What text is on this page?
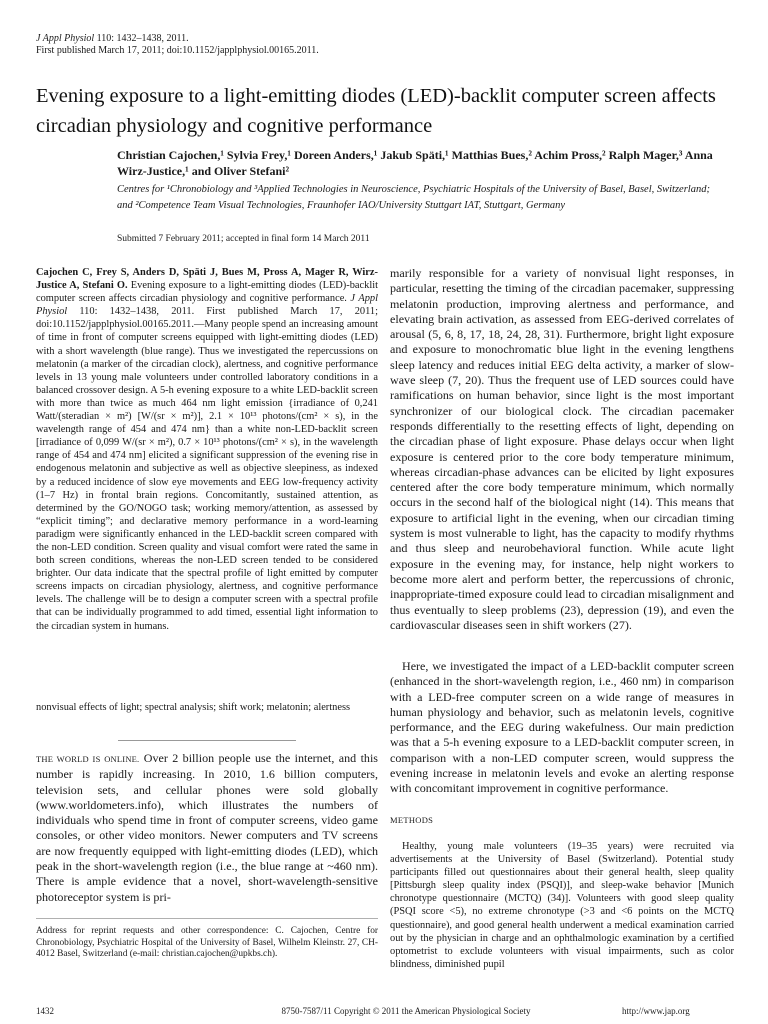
J Appl Physiol 110: 1432–1438, 2011.
First published March 17, 2011; doi:10.1152/japplphysiol.00165.2011.
Evening exposure to a light-emitting diodes (LED)-backlit computer screen affects circadian physiology and cognitive performance
Christian Cajochen,¹ Sylvia Frey,¹ Doreen Anders,¹ Jakub Späti,¹ Matthias Bues,² Achim Pross,² Ralph Mager,³ Anna Wirz-Justice,¹ and Oliver Stefani²
Centres for ¹Chronobiology and ³Applied Technologies in Neuroscience, Psychiatric Hospitals of the University of Basel, Basel, Switzerland; and ²Competence Team Visual Technologies, Fraunhofer IAO/University Stuttgart IAT, Stuttgart, Germany
Submitted 7 February 2011; accepted in final form 14 March 2011
Cajochen C, Frey S, Anders D, Späti J, Bues M, Pross A, Mager R, Wirz-Justice A, Stefani O. Evening exposure to a light-emitting diodes (LED)-backlit computer screen affects circadian physiology and cognitive performance. J Appl Physiol 110: 1432–1438, 2011. First published March 17, 2011; doi:10.1152/japplphysiol.00165.2011.—Many people spend an increasing amount of time in front of computer screens equipped with light-emitting diodes (LED) with a short wavelength (blue range). Thus we investigated the repercussions on melatonin (a marker of the circadian clock), alertness, and cognitive performance levels in 13 young male volunteers under controlled laboratory conditions in a balanced crossover design. A 5-h evening exposure to a white LED-backlit screen with more than twice as much 464 nm light emission {irradiance of 0,241 Watt/(steradian × m²) [W/(sr × m²)], 2.1 × 10¹³ photons/(cm² × s), in the wavelength range of 454 and 474 nm} than a white non-LED-backlit screen [irradiance of 0,099 W/(sr × m²), 0.7 × 10¹³ photons/(cm² × s), in the wavelength range of 454 and 474 nm] elicited a significant suppression of the evening rise in endogenous melatonin and subjective as well as objective sleepiness, as indexed by a reduced incidence of slow eye movements and EEG low-frequency activity (1–7 Hz) in frontal brain regions. Concomitantly, sustained attention, as determined by the GO/NOGO task; working memory/attention, as assessed by “explicit timing”; and declarative memory performance in a word-learning paradigm were significantly enhanced in the LED-backlit screen compared with the non-LED condition. Screen quality and visual comfort were rated the same in both screen conditions, whereas the non-LED screen tended to be considered brighter. Our data indicate that the spectral profile of light emitted by computer screens impacts on circadian physiology, alertness, and cognitive performance levels. The challenge will be to design a computer screen with a spectral profile that can be individually programmed to add timed, essential light information to the circadian system in humans.
nonvisual effects of light; spectral analysis; shift work; melatonin; alertness
THE WORLD IS ONLINE. Over 2 billion people use the internet, and this number is rapidly increasing. In 2010, 1.6 billion computers, television sets, and cellular phones were sold globally (www.worldometers.info), which illustrates the numbers of individuals who spend time in front of computer screens, video game consoles, or other video monitors. Newer computers and TV screens are now frequently equipped with light-emitting diodes (LED), which peak in the short-wavelength region (i.e., the blue range at ~460 nm). There is ample evidence that a novel, short-wavelength-sensitive photoreceptor system is pri-
Address for reprint requests and other correspondence: C. Cajochen, Centre for Chronobiology, Psychiatric Hospital of the University of Basel, Wilhelm Kleinstr. 27, CH-4012 Basel, Switzerland (e-mail: christian.cajochen@upkbs.ch).
marily responsible for a variety of nonvisual light responses, in particular, resetting the timing of the circadian pacemaker, suppressing melatonin production, improving alertness and performance, and elevating brain activation, as assessed from EEG-derived correlates of arousal (5, 6, 8, 17, 18, 24, 28, 31). Furthermore, bright light exposure and exposure to monochromatic blue light in the evening lengthens sleep latency and reduces initial EEG delta activity, a marker of slow-wave sleep (7, 20). Thus the frequent use of LED sources could have ramifications on human behavior, since light is the most important synchronizer of our biological clock. The circadian pacemaker responds differentially to the resetting effects of light, depending on the circadian phase of light exposure. Phase delays occur when light exposure is centered prior to the core body temperature minimum, whereas circadian-phase advances can be elicited by light exposures centered after the core body temperature minimum, which normally occurs in the second half of the biological night (14). This means that exposure to artificial light in the evening, when our circadian timing system is most vulnerable to light, has the capacity to modify rhythms and thus sleep and neurobehavioral function. While acute light exposure in the evening may, for instance, help night workers to become more alert and perform better, the repercussions of chronic, inappropriate-timed exposure could lead to circadian misalignment and thus eventually to sleep problems (23), depression (19), and even the cardiovascular diseases seen in shift workers (27).
Here, we investigated the impact of a LED-backlit computer screen (enhanced in the short-wavelength region, i.e., 460 nm) in comparison with a LED-free computer screen on a wide range of measures in human physiology and behavior, such as melatonin levels, cognitive performance, and the EEG during wakefulness. Our main prediction was that a 5-h evening exposure to a LED-backlit computer screen, in comparison with a non-LED computer screen, would suppress the evening increase in melatonin levels and evoke an alerting response with concomitant improvement in cognitive performance.
METHODS
Healthy, young male volunteers (19–35 years) were recruited via advertisements at the University of Basel (Switzerland). Potential study participants filled out questionnaires about their general health, sleep quality [Pittsburgh sleep quality index (PSQI)], and sleep-wake behavior [Munich chronotype questionnaire (MCTQ) (34)]. Volunteers with good sleep quality (PSQI score <5), no extreme chronotype (>3 and <6 points on the MCTQ questionnaire), and good general health underwent a medical examination carried out by the physician in charge and an ophthalmologic examination by a certified optometrist to exclude volunteers with visual impairments, such as color blindness, diminished pupil
1432	8750-7587/11 Copyright © 2011 the American Physiological Society	http://www.jap.org
